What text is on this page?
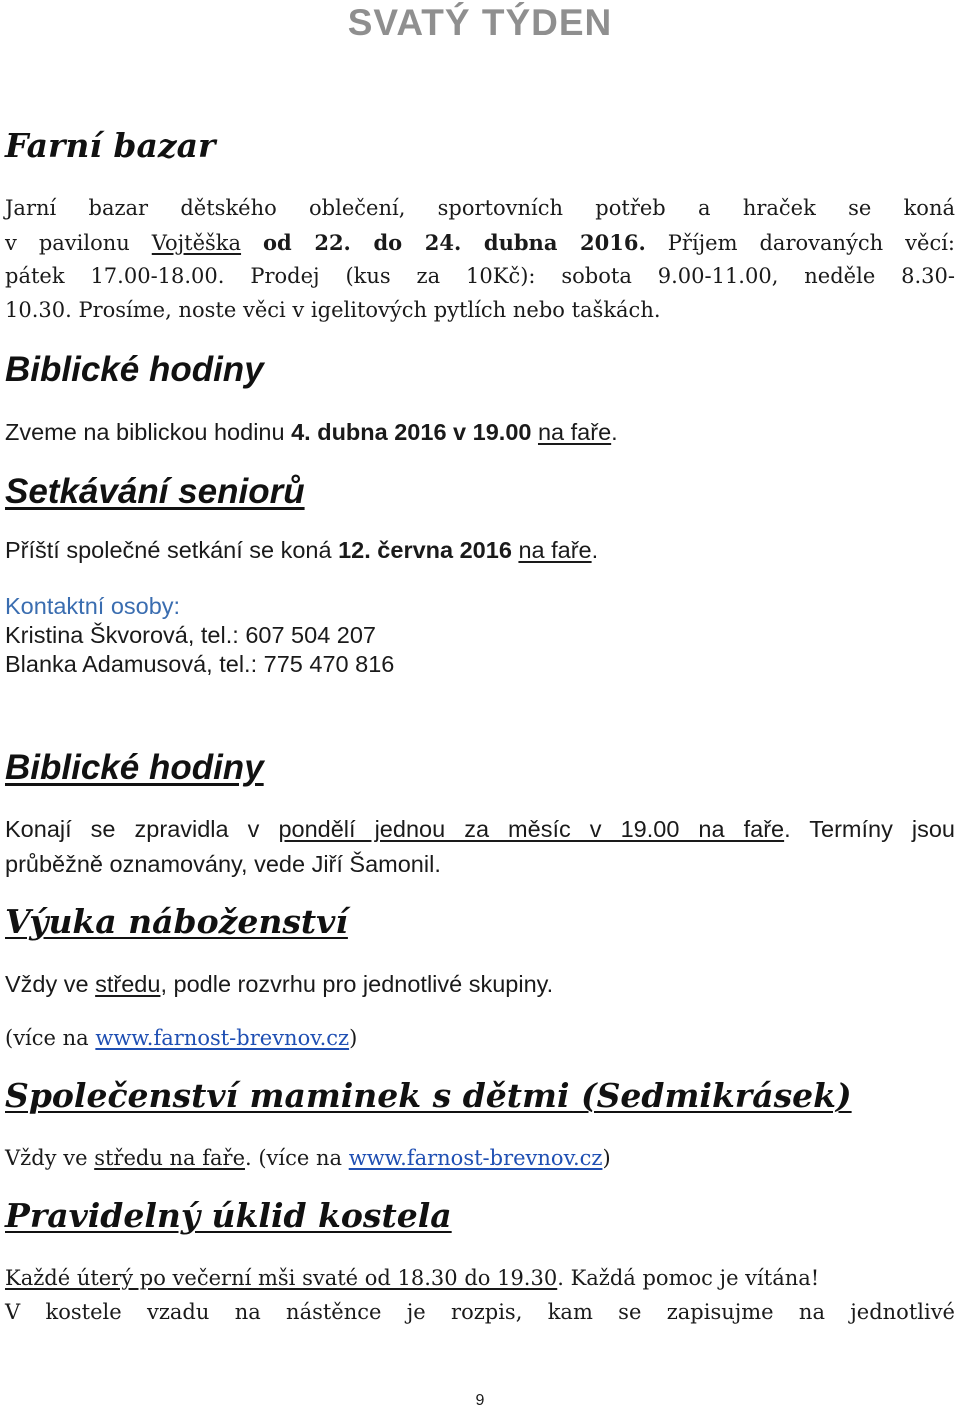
SVATÝ TÝDEN
Farní bazar
Jarní bazar dětského oblečení, sportovních potřeb a hraček se koná
v pavilonu Vojtěška od 22. do 24. dubna 2016. Příjem darovaných věcí:
pátek 17.00-18.00. Prodej (kus za 10Kč): sobota 9.00-11.00, neděle 8.30-
10.30. Prosíme, noste věci v igelitových pytlích nebo taškách.
Biblické hodiny
Zveme na biblickou hodinu 4. dubna 2016 v 19.00 na faře.
Setkávání seniorů
Příští společné setkání se koná 12. června 2016 na faře.
Kontaktní osoby:
Kristina Škvorová, tel.: 607 504 207
Blanka Adamusová, tel.: 775 470 816
Biblické hodiny
Konají se zpravidla v pondělí jednou za měsíc v 19.00 na faře. Termíny jsou
průběžně oznamovány, vede Jiří Šamonil.
Výuka náboženství
Vždy ve středu, podle rozvrhu pro jednotlivé skupiny.
(více na www.farnost-brevnov.cz)
Společenství maminek s dětmi (Sedmikrásek)
Vždy ve středu na faře. (více na www.farnost-brevnov.cz)
Pravidelný úklid kostela
Každé úterý po večerní mši svaté od 18.30 do 19.30. Každá pomoc je vítána!
V kostele vzadu na nástěnce je rozpis, kam se zapisujme na jednotlivé
9
